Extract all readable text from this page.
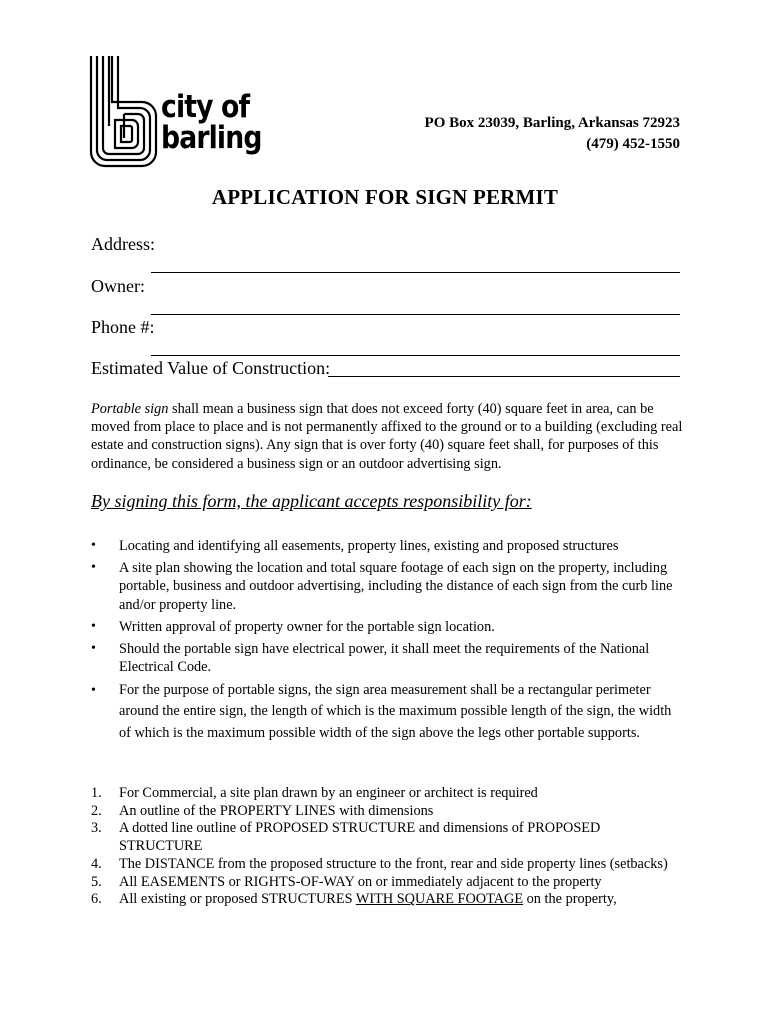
city of
barling	PO Box 23039, Barling, Arkansas 72923
(479) 452-1550
APPLICATION FOR SIGN PERMIT
Address:
Owner:
Phone #:
Estimated Value of Construction:
Portable sign shall mean a business sign that does not exceed forty (40) square feet in area, can be moved from place to place and is not permanently affixed to the ground or to a building (excluding real estate and construction signs). Any sign that is over forty (40) square feet shall, for purposes of this ordinance, be considered a business sign or an outdoor advertising sign.
By signing this form, the applicant accepts responsibility for:
• Locating and identifying all easements, property lines, existing and proposed structures
• A site plan showing the location and total square footage of each sign on the property, including portable, business and outdoor advertising, including the distance of each sign from the curb line and/or property line.
• Written approval of property owner for the portable sign location.
• Should the portable sign have electrical power, it shall meet the requirements of the National Electrical Code.
• For the purpose of portable signs, the sign area measurement shall be a rectangular perimeter around the entire sign, the length of which is the maximum possible length of the sign, the width of which is the maximum possible width of the sign above the legs other portable supports.
1. For Commercial, a site plan drawn by an engineer or architect is required
2. An outline of the PROPERTY LINES with dimensions
3. A dotted line outline of PROPOSED STRUCTURE and dimensions of PROPOSED STRUCTURE
4. The DISTANCE from the proposed structure to the front, rear and side property lines (setbacks)
5. All EASEMENTS or RIGHTS-OF-WAY on or immediately adjacent to the property
6. All existing or proposed STRUCTURES WITH SQUARE FOOTAGE on the property,
